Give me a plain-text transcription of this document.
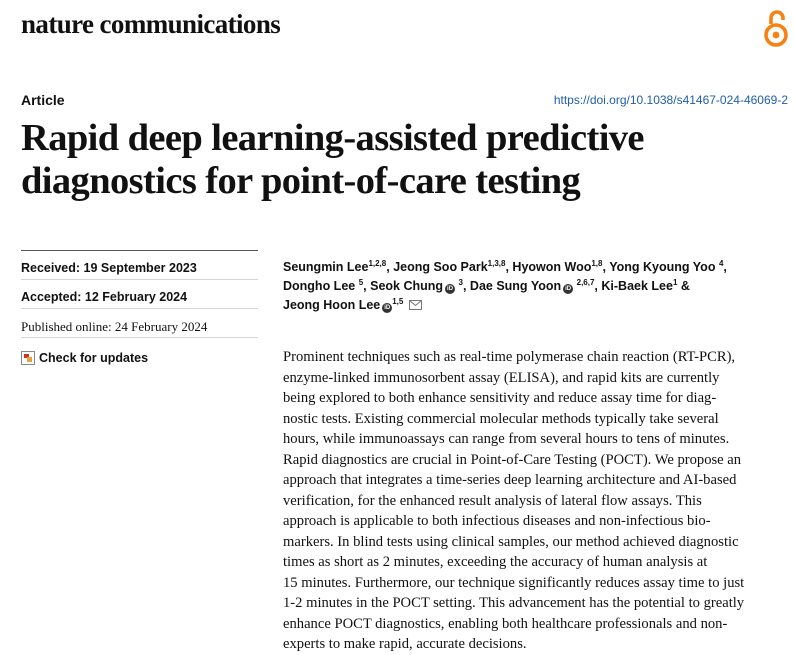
nature communications
Article	https://doi.org/10.1038/s41467-024-46069-2
Rapid deep learning-assisted predictive
diagnostics for point-of-care testing
Received: 19 September 2023
Accepted: 12 February 2024
Published online: 24 February 2024
Check for updates
Seungmin Lee$^{1,2,8}$, Jeong Soo Park$^{1,3,8}$, Hyowon Woo$^{1,8}$, Yong Kyoung Yoo $^4$,
Dongho Lee $^5$, Seok Chung iD $^3$, Dae Sung Yoon iD $^{2,6,7}$, Ki-Baek Lee$^1$ &
Jeong Hoon Lee iD$^{1,5}$

Prominent techniques such as real-time polymerase chain reaction (RT-PCR),
enzyme-linked immunosorbent assay (ELISA), and rapid kits are currently
being explored to both enhance sensitivity and reduce assay time for diag-
nostic tests. Existing commercial molecular methods typically take several
hours, while immunoassays can range from several hours to tens of minutes.
Rapid diagnostics are crucial in Point-of-Care Testing (POCT). We propose an
approach that integrates a time-series deep learning architecture and AI-based
verification, for the enhanced result analysis of lateral flow assays. This
approach is applicable to both infectious diseases and non-infectious bio-
markers. In blind tests using clinical samples, our method achieved diagnostic
times as short as 2 minutes, exceeding the accuracy of human analysis at
15 minutes. Furthermore, our technique significantly reduces assay time to just
1-2 minutes in the POCT setting. This advancement has the potential to greatly
enhance POCT diagnostics, enabling both healthcare professionals and non-
experts to make rapid, accurate decisions.
